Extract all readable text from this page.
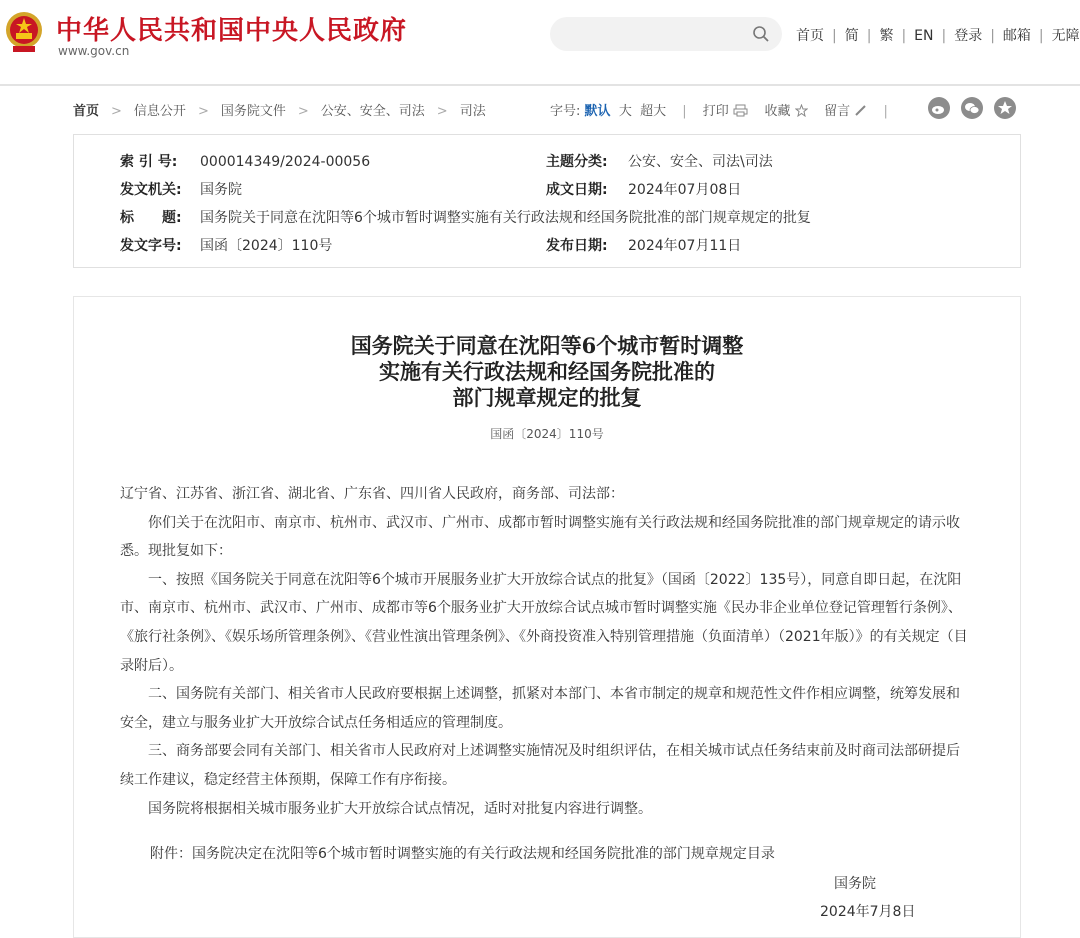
中华人民共和国中央人民政府
www.gov.cn
首页 | 简 | 繁 | EN | 登录 | 邮箱 | 无障
首页 > 信息公开 > 国务院文件 > 公安、安全、司法 > 司法	字号: 默认 大 超大 | 打印	收藏	留言	|
索 引 号: 000014349/2024-00056	主题分类: 公安、安全、司法\司法
发文机关: 国务院	成文日期: 2024年07月08日
标　　题: 国务院关于同意在沈阳等6个城市暂时调整实施有关行政法规和经国务院批准的部门规章规定的批复
发文字号: 国函〔2024〕110号	发布日期: 2024年07月11日
国务院关于同意在沈阳等6个城市暂时调整
实施有关行政法规和经国务院批准的
部门规章规定的批复
国函〔2024〕110号

辽宁省、江苏省、浙江省、湖北省、广东省、四川省人民政府，商务部、司法部：

你们关于在沈阳市、南京市、杭州市、武汉市、广州市、成都市暂时调整实施有关行政法规和经国务院批准的部门规章规定的请示收悉。现批复如下：

一、按照《国务院关于同意在沈阳等6个城市开展服务业扩大开放综合试点的批复》（国函〔2022〕135号），同意自即日起，在沈阳市、南京市、杭州市、武汉市、广州市、成都市等6个服务业扩大开放综合试点城市暂时调整实施《民办非企业单位登记管理暂行条例》、《旅行社条例》、《娱乐场所管理条例》、《营业性演出管理条例》、《外商投资准入特别管理措施（负面清单）（2021年版）》的有关规定（目录附后）。

二、国务院有关部门、相关省市人民政府要根据上述调整，抓紧对本部门、本省市制定的规章和规范性文件作相应调整，统筹发展和安全，建立与服务业扩大开放综合试点任务相适应的管理制度。

三、商务部要会同有关部门、相关省市人民政府对上述调整实施情况及时组织评估，在相关城市试点任务结束前及时商司法部研提后续工作建议，稳定经营主体预期，保障工作有序衔接。

国务院将根据相关城市服务业扩大开放综合试点情况，适时对批复内容进行调整。

附件：国务院决定在沈阳等6个城市暂时调整实施的有关行政法规和经国务院批准的部门规章规定目录
国务院
2024年7月8日
